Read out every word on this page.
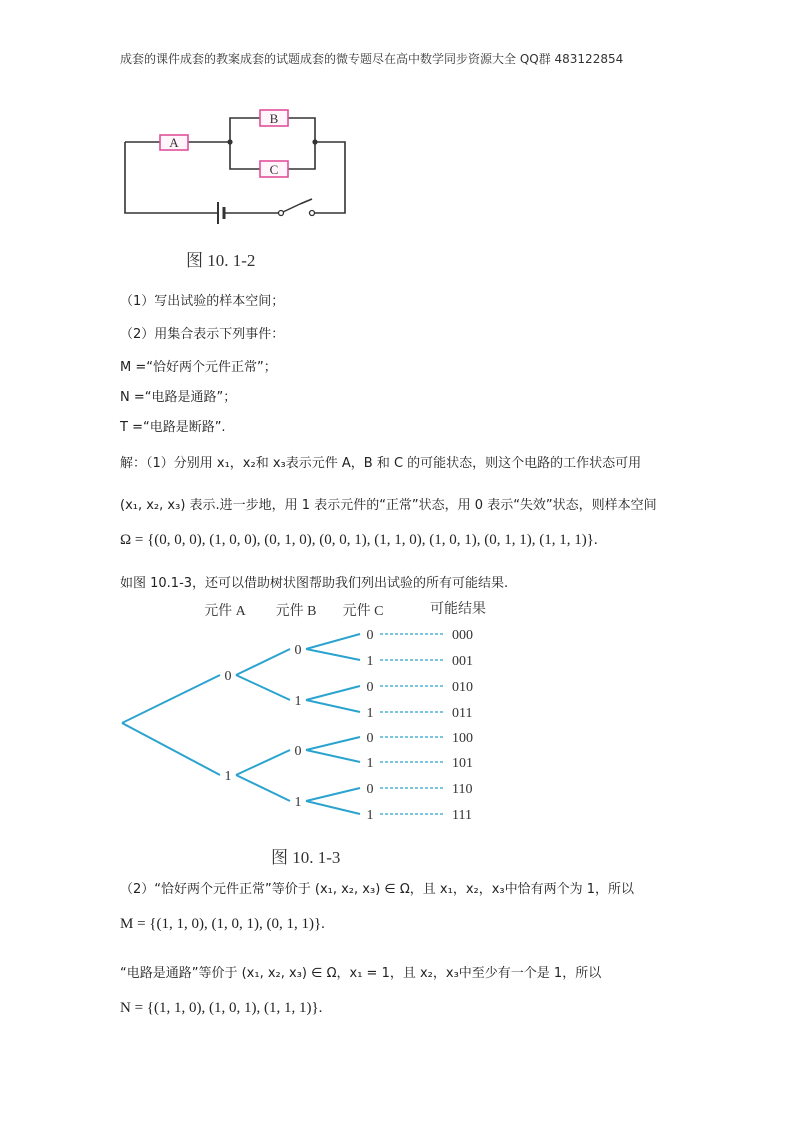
成套的课件成套的教案成套的试题成套的微专题尽在高中数学同步资源大全 QQ群 483122854
A
B
C
图 10. 1-2
（1）写出试验的样本空间；
（2）用集合表示下列事件：
M =“恰好两个元件正常”；
N =“电路是通路”；
T =“电路是断路”.
解：（1）分别用 x₁，x₂和 x₃表示元件 A，B 和 C 的可能状态，则这个电路的工作状态可用
(x₁, x₂, x₃) 表示.进一步地，用 1 表示元件的“正常”状态，用 0 表示“失效”状态，则样本空间
Ω = {(0, 0, 0), (1, 0, 0), (0, 1, 0), (0, 0, 1), (1, 1, 0), (1, 0, 1), (0, 1, 1), (1, 1, 1)}.
如图 10.1-3，还可以借助树状图帮助我们列出试验的所有可能结果.
元件 A 元件 B 元件 C	可能结果
0
1
0
1
0
1
0	000
1	001
0	010
1	011
0	100
1	101
0	110
1	111
图 10. 1-3
（2）“恰好两个元件正常”等价于 (x₁, x₂, x₃) ∈ Ω，且 x₁，x₂，x₃中恰有两个为 1，所以
M = {(1, 1, 0), (1, 0, 1), (0, 1, 1)}.
“电路是通路”等价于 (x₁, x₂, x₃) ∈ Ω，x₁ = 1，且 x₂，x₃中至少有一个是 1，所以
N = {(1, 1, 0), (1, 0, 1), (1, 1, 1)}.
